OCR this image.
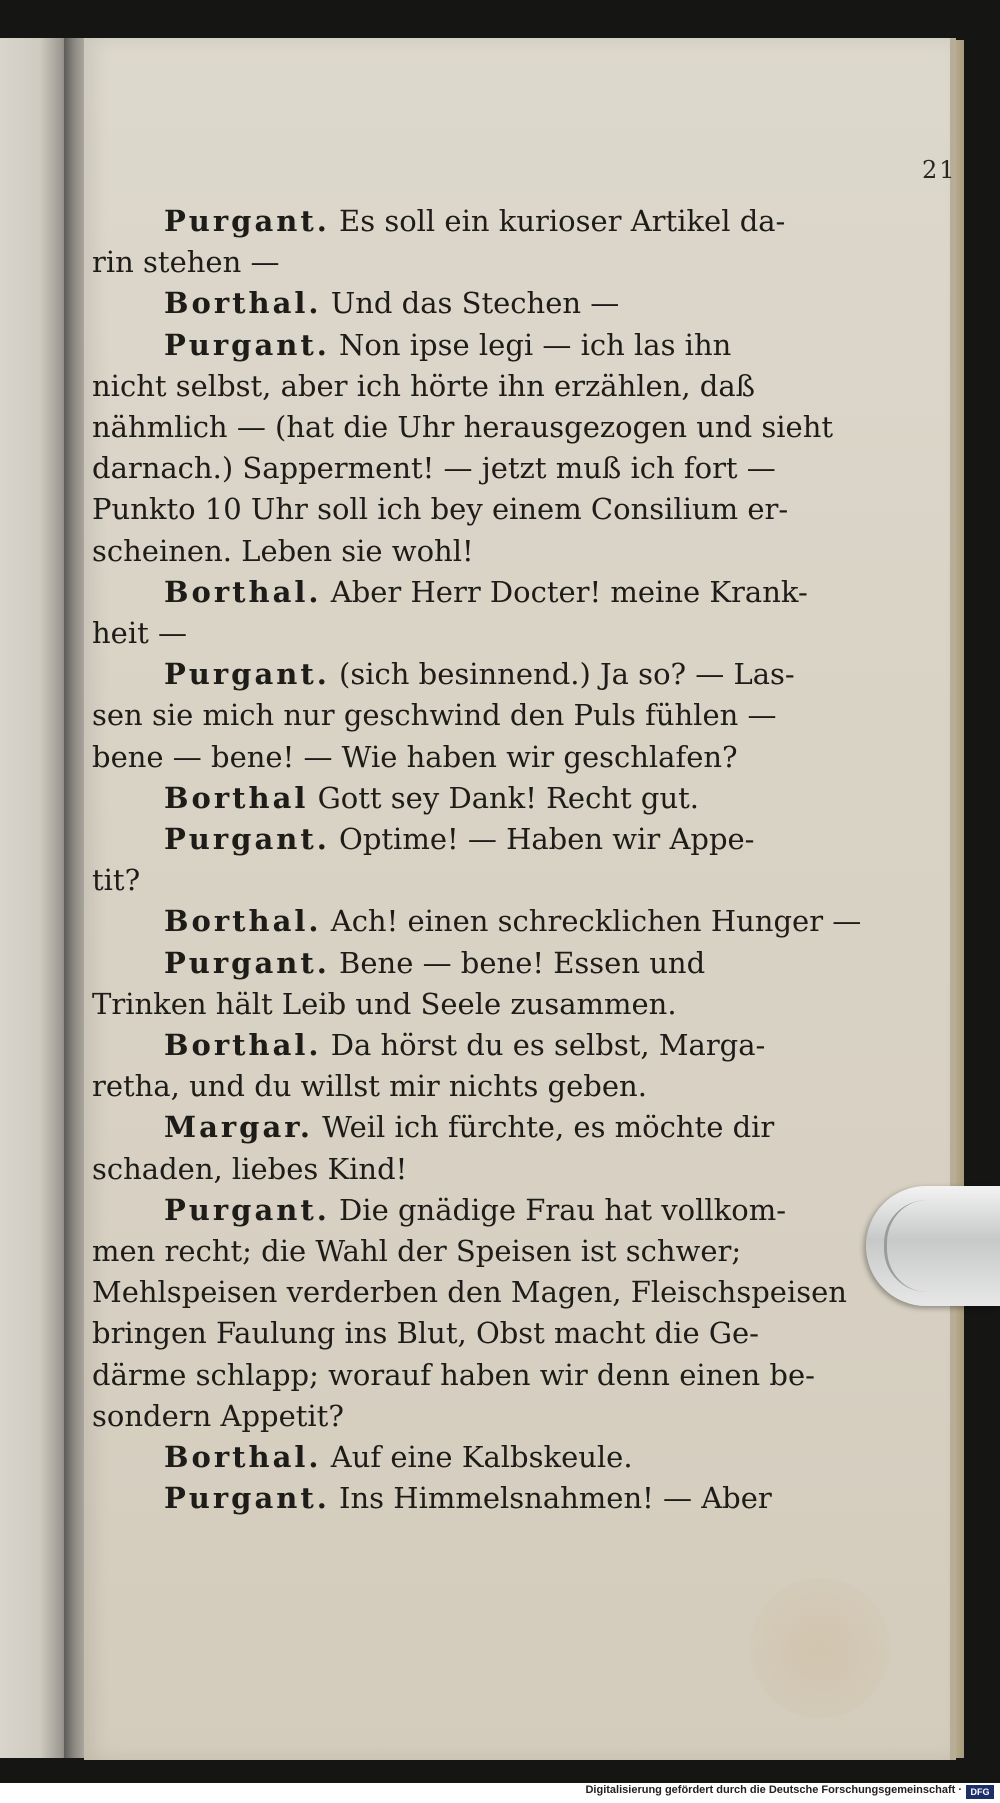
21
Purgant. Es soll ein kurioser Artikel da-
rin stehen —
Borthal. Und das Stechen —
Purgant. Non ipse legi — ich las ihn
nicht selbst, aber ich hörte ihn erzählen, daß
nähmlich — (hat die Uhr herausgezogen und sieht
darnach.) Sapperment! — jetzt muß ich fort —
Punkto 10 Uhr soll ich bey einem Consilium er-
scheinen. Leben sie wohl!
Borthal. Aber Herr Docter! meine Krank-
heit —
Purgant. (sich besinnend.) Ja so? — Las-
sen sie mich nur geschwind den Puls fühlen —
bene — bene! — Wie haben wir geschlafen?
Borthal Gott sey Dank! Recht gut.
Purgant. Optime! — Haben wir Appe-
tit?
Borthal. Ach! einen schrecklichen Hunger —
Purgant. Bene — bene! Essen und
Trinken hält Leib und Seele zusammen.
Borthal. Da hörst du es selbst, Marga-
retha, und du willst mir nichts geben.
Margar. Weil ich fürchte, es möchte dir
schaden, liebes Kind!
Purgant. Die gnädige Frau hat vollkom-
men recht; die Wahl der Speisen ist schwer;
Mehlspeisen verderben den Magen, Fleischspeisen
bringen Faulung ins Blut, Obst macht die Ge-
därme schlapp; worauf haben wir denn einen be-
sondern Appetit?
Borthal. Auf eine Kalbskeule.
Purgant. Ins Himmelsnahmen! — Aber
Digitalisierung gefördert durch die Deutsche Forschungsgemeinschaft · DFG
